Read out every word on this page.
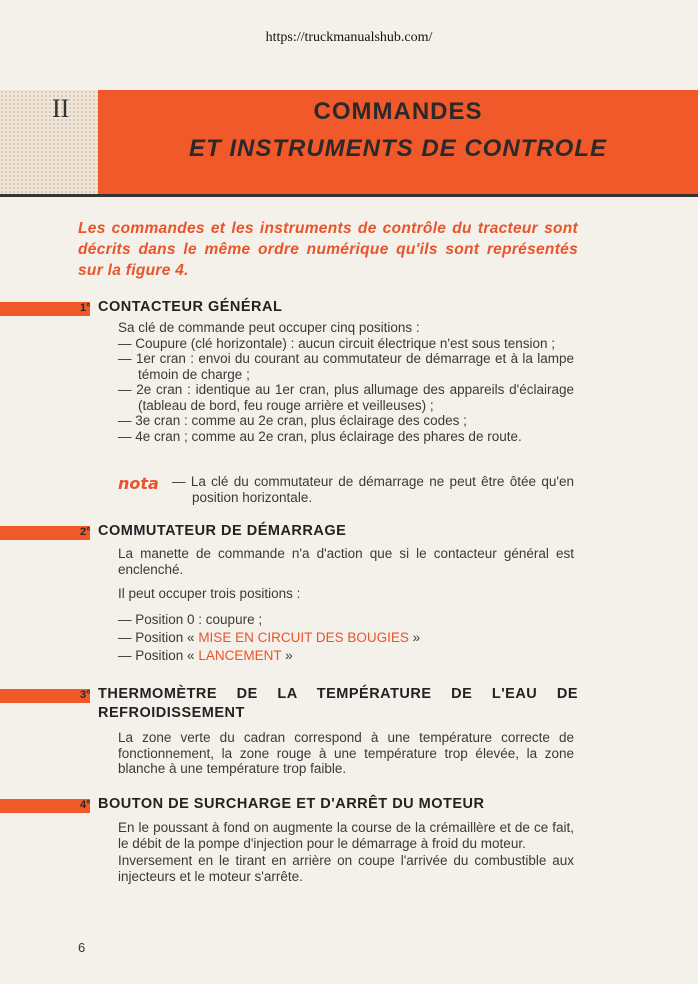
https://truckmanualshub.com/
II	COMMANDES
ET INSTRUMENTS DE CONTROLE
Les commandes et les instruments de contrôle du tracteur sont décrits dans le même ordre numérique qu'ils sont représentés sur la figure 4.
1° CONTACTEUR GÉNÉRAL

Sa clé de commande peut occuper cinq positions :

— Coupure (clé horizontale) : aucun circuit électrique n'est sous tension ;

— 1er cran : envoi du courant au commutateur de démarrage et à la lampe témoin de charge ;

— 2e cran : identique au 1er cran, plus allumage des appareils d'éclairage (tableau de bord, feu rouge arrière et veilleuses) ;

— 3e cran : comme au 2e cran, plus éclairage des codes ;

— 4e cran ; comme au 2e cran, plus éclairage des phares de route.

nota — La clé du commutateur de démarrage ne peut être ôtée qu'en position horizontale.

2° COMMUTATEUR DE DÉMARRAGE

La manette de commande n'a d'action que si le contacteur général est enclenché.

Il peut occuper trois positions :

— Position 0 : coupure ;

— Position « MISE EN CIRCUIT DES BOUGIES »

— Position « LANCEMENT »

3° THERMOMÈTRE DE LA TEMPÉRATURE DE L'EAU DE REFROIDISSEMENT

La zone verte du cadran correspond à une température correcte de fonctionnement, la zone rouge à une température trop élevée, la zone blanche à une température trop faible.

4° BOUTON DE SURCHARGE ET D'ARRÊT DU MOTEUR

En le poussant à fond on augmente la course de la crémaillère et de ce fait, le débit de la pompe d'injection pour le démarrage à froid du moteur.

Inversement en le tirant en arrière on coupe l'arrivée du combustible aux injecteurs et le moteur s'arrête.

6
